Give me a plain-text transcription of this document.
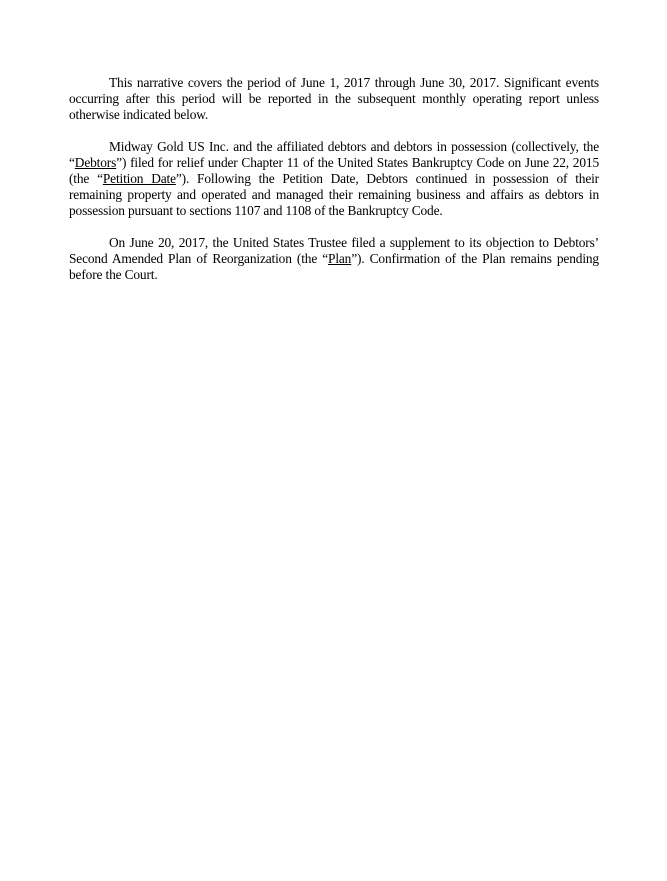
This narrative covers the period of June 1, 2017 through June 30, 2017. Significant events occurring after this period will be reported in the subsequent monthly operating report unless otherwise indicated below.

Midway Gold US Inc. and the affiliated debtors and debtors in possession (collectively, the “Debtors”) filed for relief under Chapter 11 of the United States Bankruptcy Code on June 22, 2015 (the “Petition Date”). Following the Petition Date, Debtors continued in possession of their remaining property and operated and managed their remaining business and affairs as debtors in possession pursuant to sections 1107 and 1108 of the Bankruptcy Code.

On June 20, 2017, the United States Trustee filed a supplement to its objection to Debtors’ Second Amended Plan of Reorganization (the “Plan”). Confirmation of the Plan remains pending before the Court.
